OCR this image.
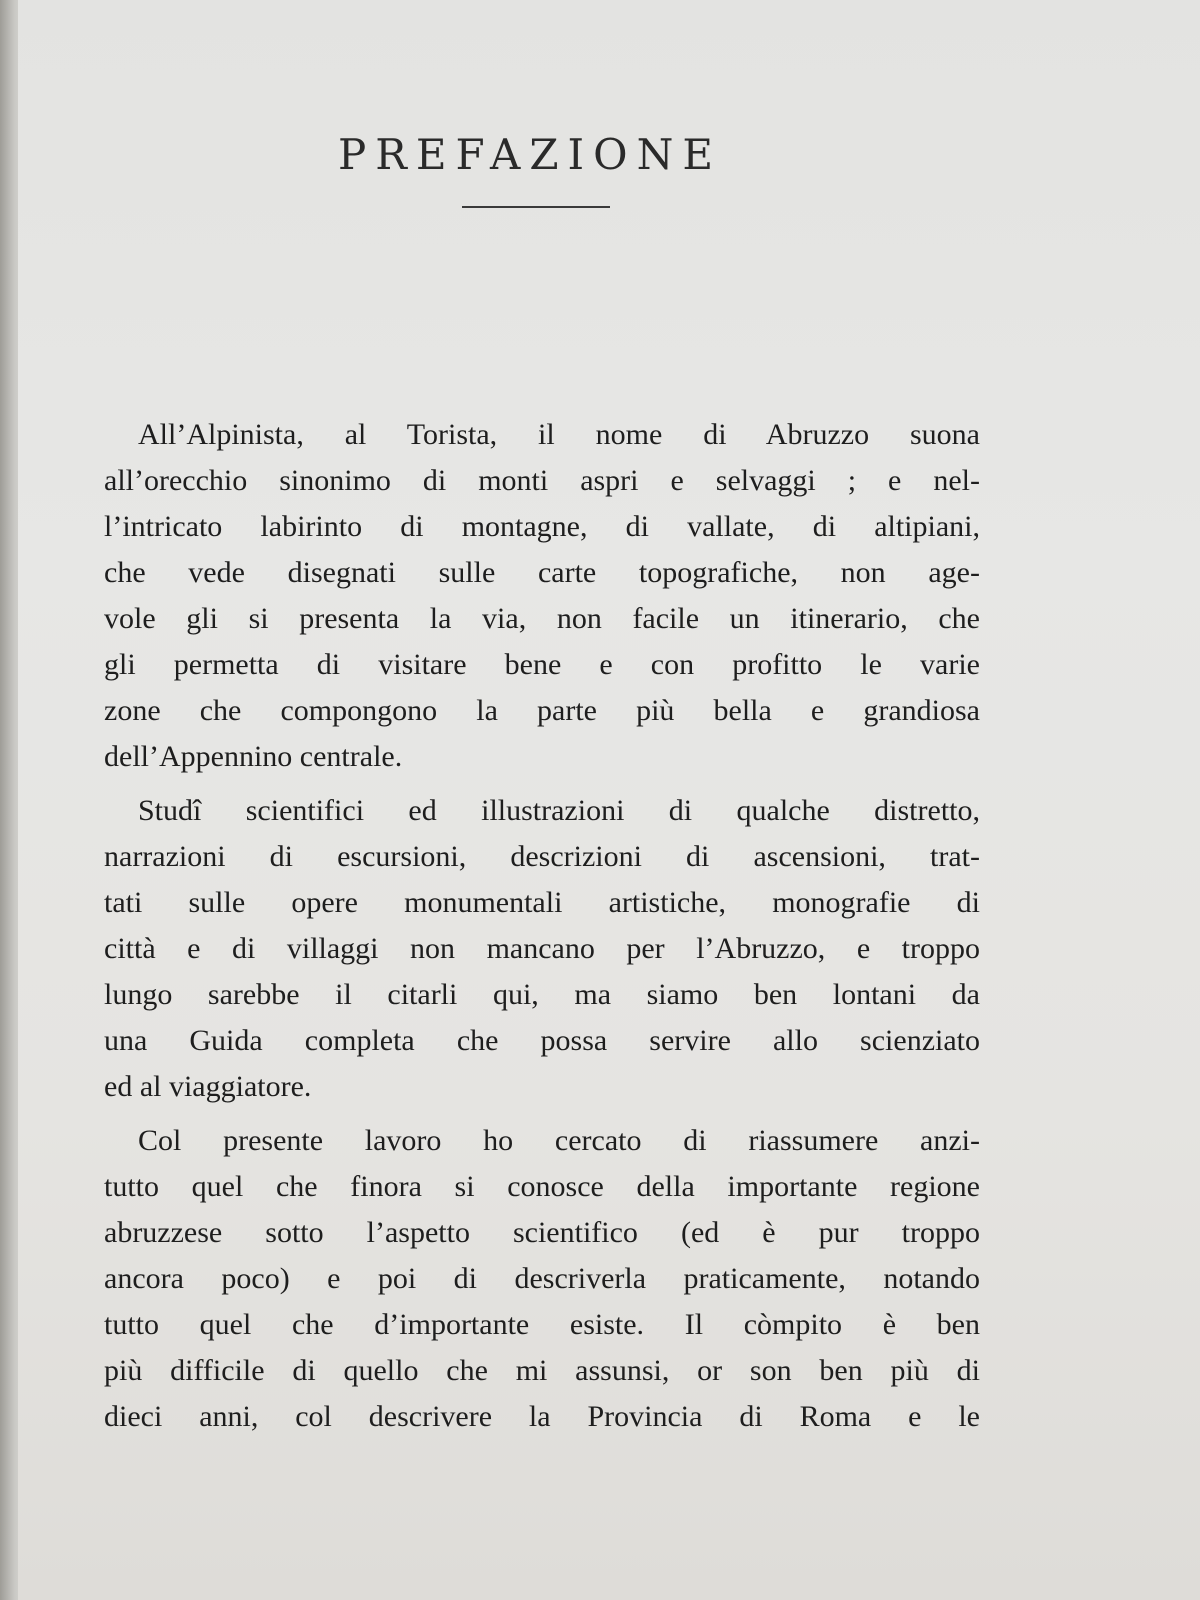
PREFAZIONE
All’Alpinista, al Torista, il nome di Abruzzo suona
all’orecchio sinonimo di monti aspri e selvaggi ; e nel-
l’intricato labirinto di montagne, di vallate, di altipiani,
che vede disegnati sulle carte topografiche, non age-
vole gli si presenta la via, non facile un itinerario, che
gli permetta di visitare bene e con profitto le varie
zone che compongono la parte più bella e grandiosa
dell’Appennino centrale.
Studî scientifici ed illustrazioni di qualche distretto,
narrazioni di escursioni, descrizioni di ascensioni, trat-
tati sulle opere monumentali artistiche, monografie di
città e di villaggi non mancano per l’Abruzzo, e troppo
lungo sarebbe il citarli qui, ma siamo ben lontani da
una Guida completa che possa servire allo scienziato
ed al viaggiatore.
Col presente lavoro ho cercato di riassumere anzi-
tutto quel che finora si conosce della importante regione
abruzzese sotto l’aspetto scientifico (ed è pur troppo
ancora poco) e poi di descriverla praticamente, notando
tutto quel che d’importante esiste. Il còmpito è ben
più difficile di quello che mi assunsi, or son ben più di
dieci anni, col descrivere la Provincia di Roma e le
